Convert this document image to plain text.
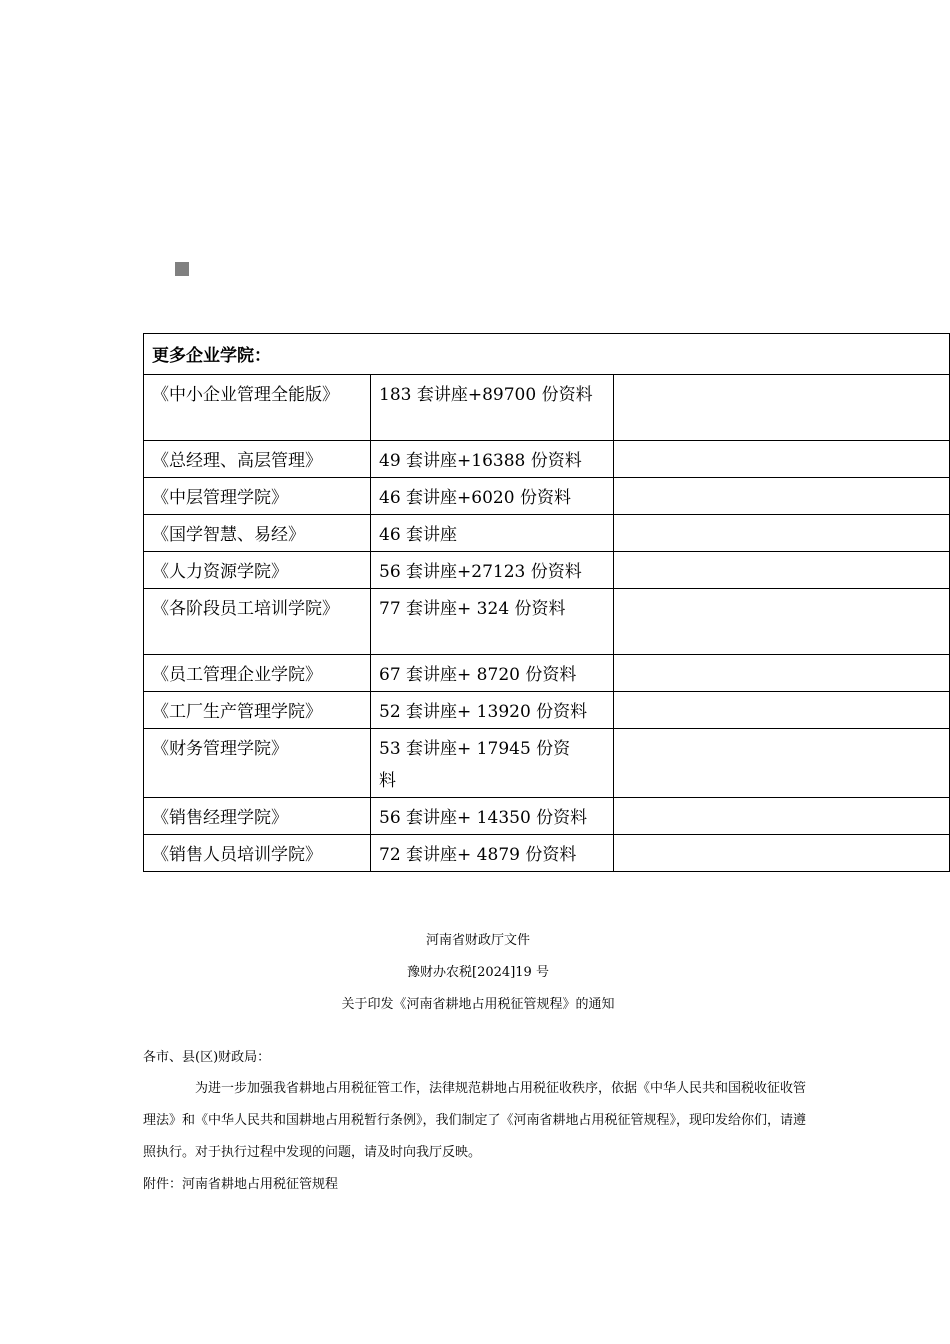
更多企业学院：		
《中小企业管理全能版》	183 套讲座+89700 份资料	
《总经理、高层管理》	49 套讲座+16388 份资料	
《中层管理学院》	46 套讲座+6020 份资料	
《国学智慧、易经》	46 套讲座	
《人力资源学院》	56 套讲座+27123 份资料	
《各阶段员工培训学院》	77 套讲座+ 324 份资料	
《员工管理企业学院》	67 套讲座+ 8720 份资料	
《工厂生产管理学院》	52 套讲座+ 13920 份资料	
《财务管理学院》	53 套讲座+ 17945 份资料	
《销售经理学院》	56 套讲座+ 14350 份资料	
《销售人员培训学院》	72 套讲座+ 4879 份资料	

河南省财政厅文件

豫财办农税[2024]19 号

关于印发《河南省耕地占用税征管规程》的通知

各市、县(区)财政局：

为进一步加强我省耕地占用税征管工作，法律规范耕地占用税征收秩序，依据《中华人民共和国税收征收管理法》和《中华人民共和国耕地占用税暂行条例》，我们制定了《河南省耕地占用税征管规程》，现印发给你们，请遵照执行。对于执行过程中发现的问题，请及时向我厅反映。

附件：河南省耕地占用税征管规程
